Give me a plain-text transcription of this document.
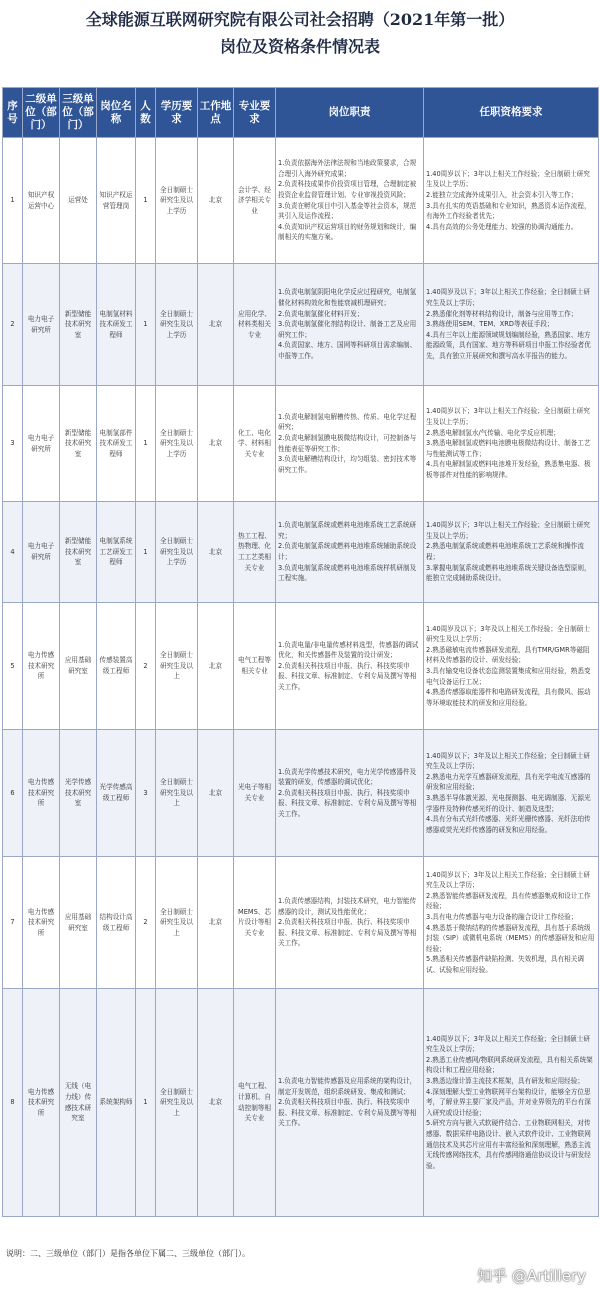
全球能源互联网研究院有限公司社会招聘（2021年第一批）
岗位及资格条件情况表
序号	二级单位（部门）	三级单位（部门）	岗位名称	人数	学历要求	工作地点	专业要求	岗位职责	任职资格要求
1	知识产权运营中心	运营处	知识产权运营管理岗	1	全日制硕士研究生及以上学历	北京	会计学、经济学相关专业	1.负责依据海外法律法规和当地政策要求，合规合理引入海外研究成果；
2.负责科技成果作价投资项目管理，合理制定被投资企业监督管理计划、专业审视投资风险；
3.负责在孵化项目中引入基金等社会资本，规范其引入及运作流程；
4.负责知识产权运营项目的财务规划和统计，编制相关的实施方案。	1.40周岁以下；3年以上相关工作经验；全日制硕士研究生及以上学历；
2.能独立完成海外成果引入，社会资本引入等工作；
3.具有扎实的英语基础和专业知识，熟悉资本运作流程，有海外工作经验者优先；
4.具有高效的公务处理能力、较强的协调沟通能力。

2	电力电子研究所	新型储能技术研究室	电制氢材料技术研发工程师	1	全日制硕士研究生及以上学历	北京	应用化学、材料类相关专业	1.负责电制氢阴阳电化学反应过程研究，电制氢催化材料构效化和性能衰减机理研究；
2.负责电制氢催化材料开发；
3.负责电制氢催化剂结构设计、制备工艺及应用研究工作；
4.负责国家、地方、国网等科研项目需求编制、申报等工作。	1.40周岁及以下；3年以上相关工作经验；全日制硕士研究生及以上学历；
2.熟悉催化剂等材料结构设计，制备与应用等工作；
3.熟练使用SEM、TEM、XRD等表征手段；
4.具有三年以上能源领域规划编制经验，熟悉国家、地方能源政策，具有国家、地方等科研项目申报工作经验者优先，具有独立开展研究和撰写高水平报告的能力。

3	电力电子研究所	新型储能技术研究室	电制氢部件技术研发工程师	1	全日制硕士研究生及以上学历	北京	化工、电化学、材料相关专业	1.负责电解制氢电解槽传热、传质、电化学过程研究；
2.负责电解制氢膜电极微结构设计，可控制备与性能表征等研究工作；
3.负责电解槽结构设计，均匀组装、密封技术等研究工作。	1.40周岁以下；3年以上相关工作经验；全日制硕士研究生及以上学历；
2.熟悉电解制氢水/气传输、电化学反应机理；
3.熟悉电解制氢或燃料电池膜电极微结构设计、制备工艺与性能测试等工作；
4.具有电解制氢或燃料电池堆开发经验，熟悉集电器、极板等部件对性能的影响规律。

4	电力电子研究所	新型储能技术研究室	电制氢系统工艺研发工程师	1	全日制硕士研究生及以上学历	北京	热工工程、热物理、化工工艺类相关专业	1.负责电制氢系统或燃料电池堆系统工艺系统研究；
2.负责电制氢系统或燃料电池堆系统辅助系统设计；
3.负责电制氢系统或燃料电池堆系统样机研制及工程实施。	1.40周岁以下；3年以上相关工作经验；全日制硕士研究生及以上学历；
2.熟悉电制氢系统或燃料电池堆系统工艺系统和操作流程；
3.掌握电制氢系统或燃料电池堆系统关键设备选型原则，能独立完成辅助系统设计。

5	电力传感技术研究所	应用基础研究室	传感装置高级工程师	2	全日制硕士研究生及以上	北京	电气工程等相关专业	1.负责电量/非电量传感材料选型，传感器的调试优化，和关传感器件及装置的设计研发；
2.负责相关科技项目申报、执行、科技奖项申报、科技文章、标准制定、专利专局及撰写等相关工作。	1.40周岁及以下；3年及以上相关工作经验；全日制硕士研究生及以上学历；
2.熟悉磁敏电流传感器研发流程，具有TMR/GMR等磁阻材料及传感器的设计、研发经验；
3.具有输变电设备状态监测装置集成和应用经验，熟悉变电气设备运行工况；
4.熟悉传感器取能器件和电路研发流程，具有微风、振动等环境取能技术的研发和应用经验。

6	电力传感技术研究所	光学传感技术研究室	光学传感高级工程师	3	全日制硕士研究生及以上	北京	光电子等相关专业	1.负责光学传感技术研究，电力光学传感器件及装置的研发，传感器的调试优化；
2.负责相关科技项目申报、执行、科技奖项申报、科技文章、标准制定、专利专局及撰写等相关工作。	1.40周岁以下；3年及以上相关工作经验；全日制硕士研究生及以上学历；
2.熟悉电力光学互感器研发流程，具有光学电流互感器的研发和应用经验；
3.熟悉半导体激光源、光电探测器、电光调制器、无源光学器件及特种传感光纤的设计、制造及选型；
4.具有分布式光纤传感器、光纤光栅传感器、光纤法珀传感器或荧光光纤传感器的研发和应用经验。

7	电力传感技术研究所	应用基础研究室	结构设计高级工程师	2	全日制硕士研究生及以上	北京	MEMS、芯片设计等相关专业	1.负责传感器结构，封装技术研究，电力智能传感器的设计，测试及性能优化；
2.负责相关科技项目申报、执行、科技奖项申报、科技文章、标准制定、专利专局及撰写等相关工作。	1.40周岁以下；3年及以上相关工作经验；全日制硕士研究生及以上学历；
2.熟悉智能传感器研发流程，具有传感器集成和设计工作经验；
3.具有电力传感器与电力设备的融合设计工作经验；
4.熟悉基于微纳结构的传感器研发流程，具有基于系统级封装（SIP）或微机电系统（MEMS）的传感器研发和应用经验；
5.熟悉相关传感器件缺陷检测、失效机理，具有相关调试、试验和应用经验。

8	电力传感技术研究所	无线（电力线）传感技术研究室	系统架构师	1	全日制硕士研究生及以上	北京	电气工程、计算机、自动控制等相关专业	1.负责电力智能传感器及应用系统的架构设计，制定开发规范，组织系统研发、集成和测试；
2.负责相关科技项目申报、执行、科技奖项申报、科技文章、标准制定、专利专局及撰写等相关工作。	1.40周岁以下；3年及以上相关工作经验；全日制硕士研究生及以上学历；
2.熟悉工业传感网/物联网系统研发流程，具有相关系统架构设计和工程应用经验；
3.熟悉边缘计算主流技术框架，具有研发和应用经验；
4.深刻理解大型工业物联网平台架构设计，能够全方位思考，了解业界主要厂家及产品，并对业界领先的平台有深入研究或设计经验；
5.研究方向与嵌入式软硬件结合、工业物联网相关，对传感器、数据采样电路设计、嵌入式软件设计、工业物联网通信技术及其芯片应用有丰富经验和深刻理解，熟悉主流无线传感网络技术，具有传感网络通信协议设计与研发经验。
说明：二、三级单位（部门）是指各单位下属二、三级单位（部门）。
知乎 @Artillery
